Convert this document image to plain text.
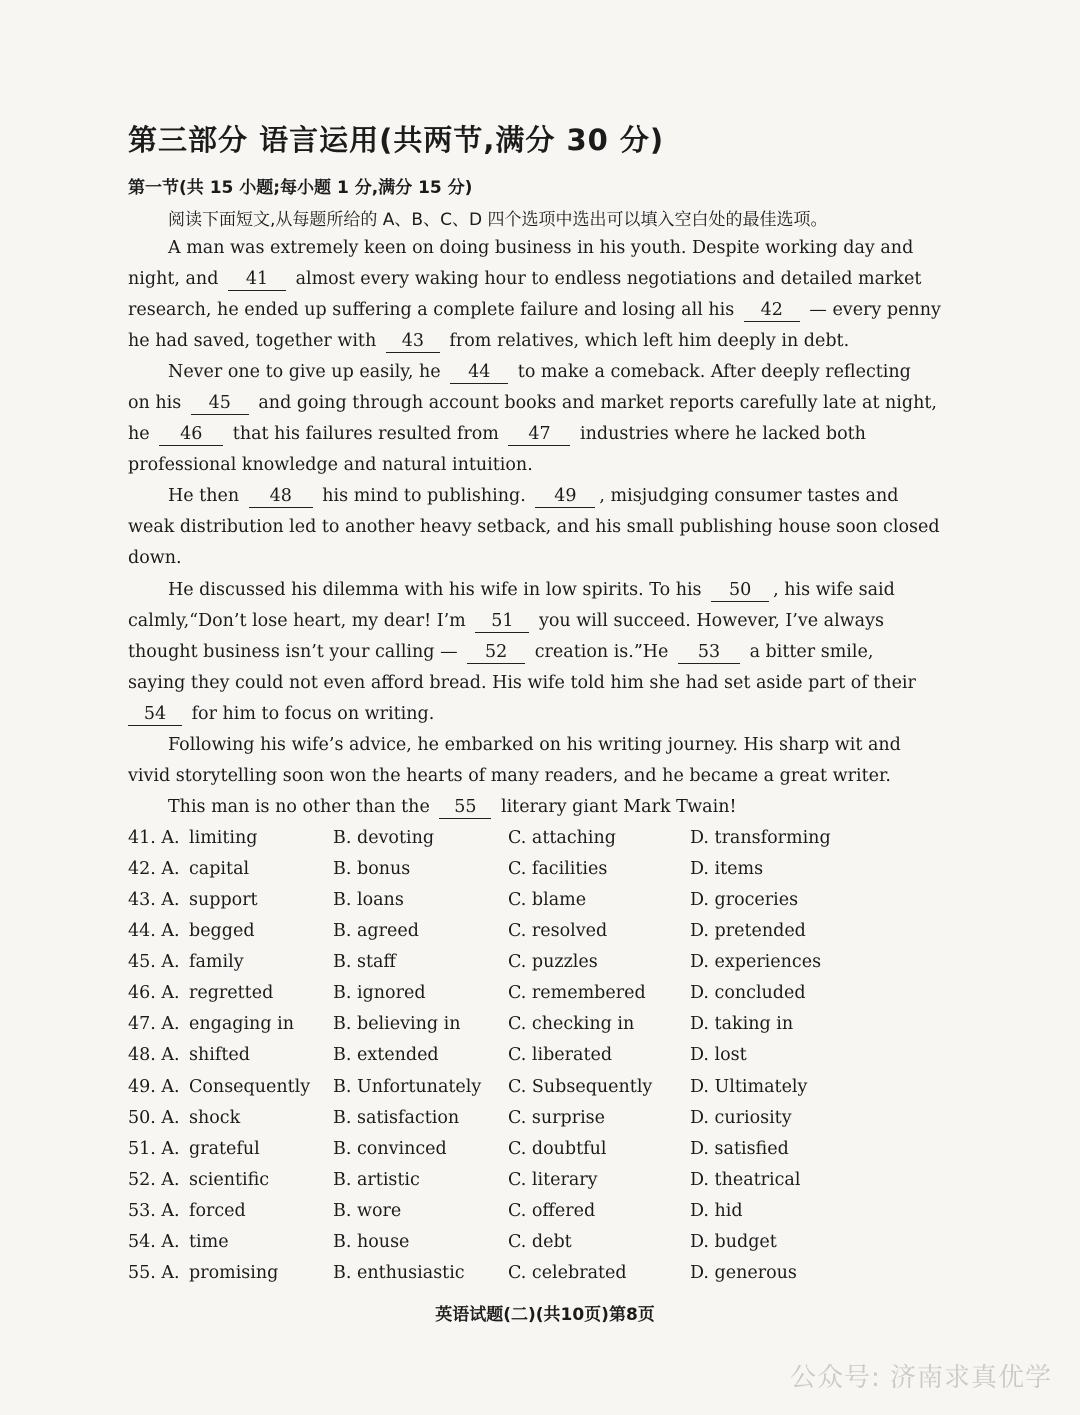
第三部分 语言运用(共两节,满分 30 分)
第一节(共 15 小题;每小题 1 分,满分 15 分)
阅读下面短文,从每题所给的 A、B、C、D 四个选项中选出可以填入空白处的最佳选项。
A man was extremely keen on doing business in his youth. Despite working day and
night, and 41 almost every waking hour to endless negotiations and detailed market
research, he ended up suffering a complete failure and losing all his 42 — every penny
he had saved, together with 43 from relatives, which left him deeply in debt.
Never one to give up easily, he 44 to make a comeback. After deeply reflecting
on his 45 and going through account books and market reports carefully late at night,
he 46 that his failures resulted from 47 industries where he lacked both
professional knowledge and natural intuition.
He then 48 his mind to publishing. 49 , misjudging consumer tastes and
weak distribution led to another heavy setback, and his small publishing house soon closed
down.
He discussed his dilemma with his wife in low spirits. To his 50 , his wife said
calmly,“Don’t lose heart, my dear! I’m 51 you will succeed. However, I’ve always
thought business isn’t your calling — 52 creation is.”He 53 a bitter smile,
saying they could not even afford bread. His wife told him she had set aside part of their
54 for him to focus on writing.
Following his wife’s advice, he embarked on his writing journey. His sharp wit and
vivid storytelling soon won the hearts of many readers, and he became a great writer.
This man is no other than the 55 literary giant Mark Twain!
41. A. limiting	B. devoting	C. attaching	D. transforming
42. A. capital	B. bonus	C. facilities	D. items
43. A. support	B. loans	C. blame	D. groceries
44. A. begged	B. agreed	C. resolved	D. pretended
45. A. family	B. staff	C. puzzles	D. experiences
46. A. regretted	B. ignored	C. remembered	D. concluded
47. A. engaging in B. believing in	C. checking in	D. taking in
48. A. shifted	B. extended	C. liberated	D. lost
49. A. Consequently B. Unfortunately C. Subsequently D. Ultimately
50. A. shock	B. satisfaction	C. surprise	D. curiosity
51. A. grateful	B. convinced	C. doubtful	D. satisfied
52. A. scientific	B. artistic	C. literary	D. theatrical
53. A. forced	B. wore	C. offered	D. hid
54. A. time	B. house	C. debt	D. budget
55. A. promising	B. enthusiastic C. celebrated	D. generous
英语试题(二)(共10页)第8页
公众号: 济南求真优学
